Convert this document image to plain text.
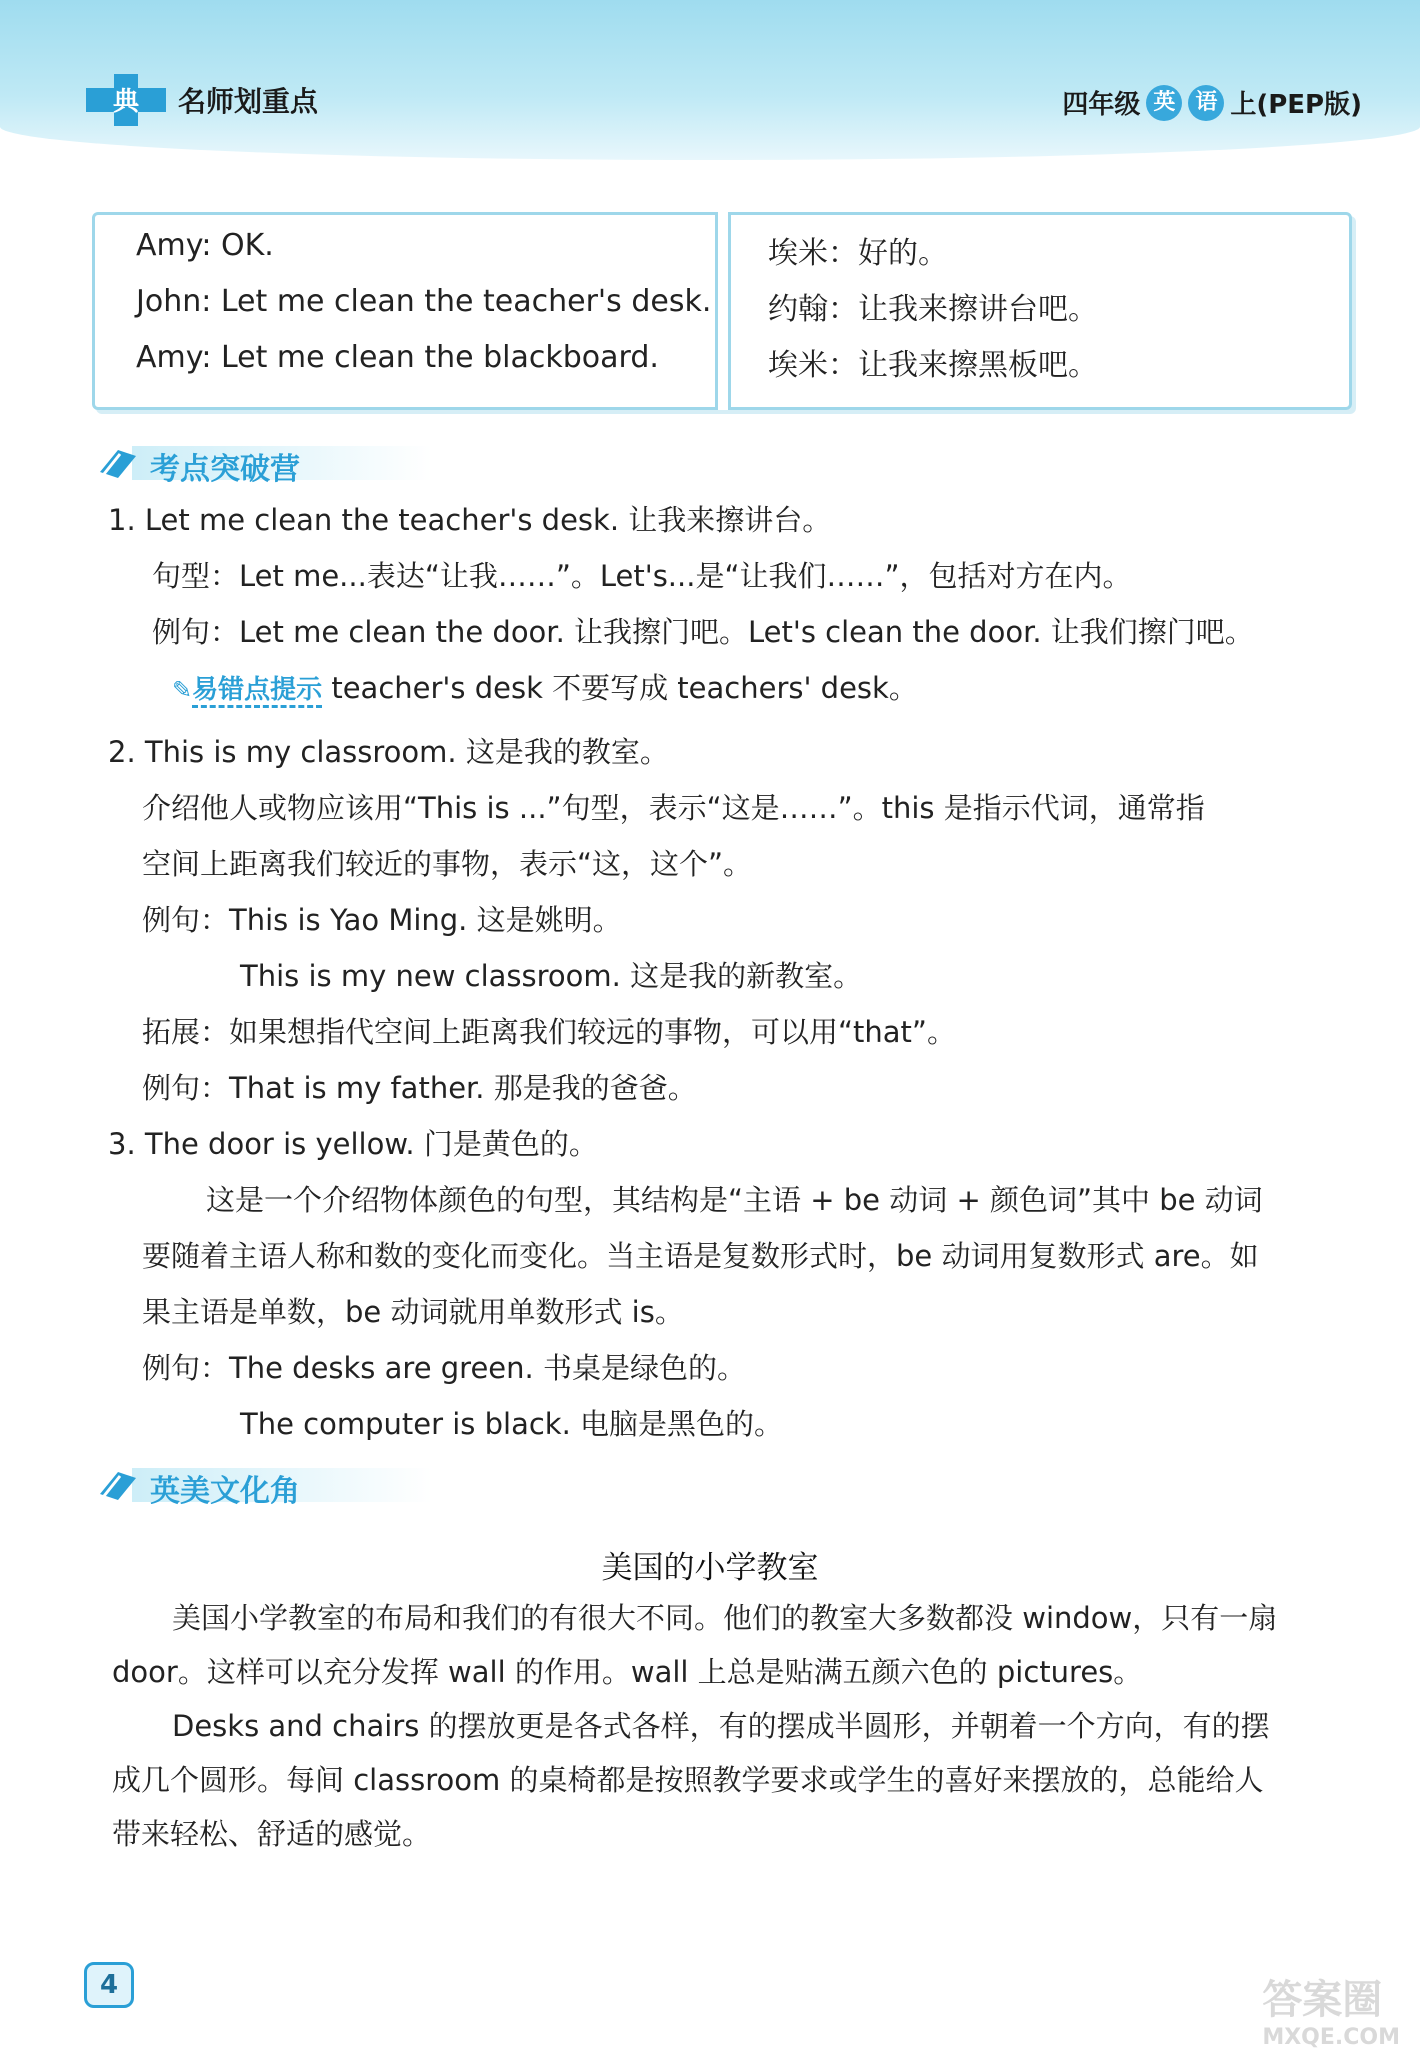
典 名师划重点	四年级 英 语 上(PEP版)
Amy: OK.
John: Let me clean the teacher's desk.
Amy: Let me clean the blackboard.
埃米：好的。
约翰：让我来擦讲台吧。
埃米：让我来擦黑板吧。
考点突破营
1. Let me clean the teacher's desk. 让我来擦讲台。
句型：Let me...表达“让我……”。Let's...是“让我们……”，包括对方在内。
例句：Let me clean the door. 让我擦门吧。Let's clean the door. 让我们擦门吧。
✎易错点提示 teacher's desk 不要写成 teachers' desk。
2. This is my classroom. 这是我的教室。
介绍他人或物应该用“This is ...”句型，表示“这是……”。this 是指示代词，通常指
空间上距离我们较近的事物，表示“这，这个”。
例句：This is Yao Ming. 这是姚明。
This is my new classroom. 这是我的新教室。
拓展：如果想指代空间上距离我们较远的事物，可以用“that”。
例句：That is my father. 那是我的爸爸。
3. The door is yellow. 门是黄色的。
这是一个介绍物体颜色的句型，其结构是“主语 + be 动词 + 颜色词”其中 be 动词
要随着主语人称和数的变化而变化。当主语是复数形式时，be 动词用复数形式 are。如
果主语是单数，be 动词就用单数形式 is。
例句：The desks are green. 书桌是绿色的。
The computer is black. 电脑是黑色的。
英美文化角
美国的小学教室
美国小学教室的布局和我们的有很大不同。他们的教室大多数都没 window，只有一扇
door。这样可以充分发挥 wall 的作用。wall 上总是贴满五颜六色的 pictures。
Desks and chairs 的摆放更是各式各样，有的摆成半圆形，并朝着一个方向，有的摆
成几个圆形。每间 classroom 的桌椅都是按照教学要求或学生的喜好来摆放的，总能给人
带来轻松、舒适的感觉。
4	答案圈
MXQE.COM
